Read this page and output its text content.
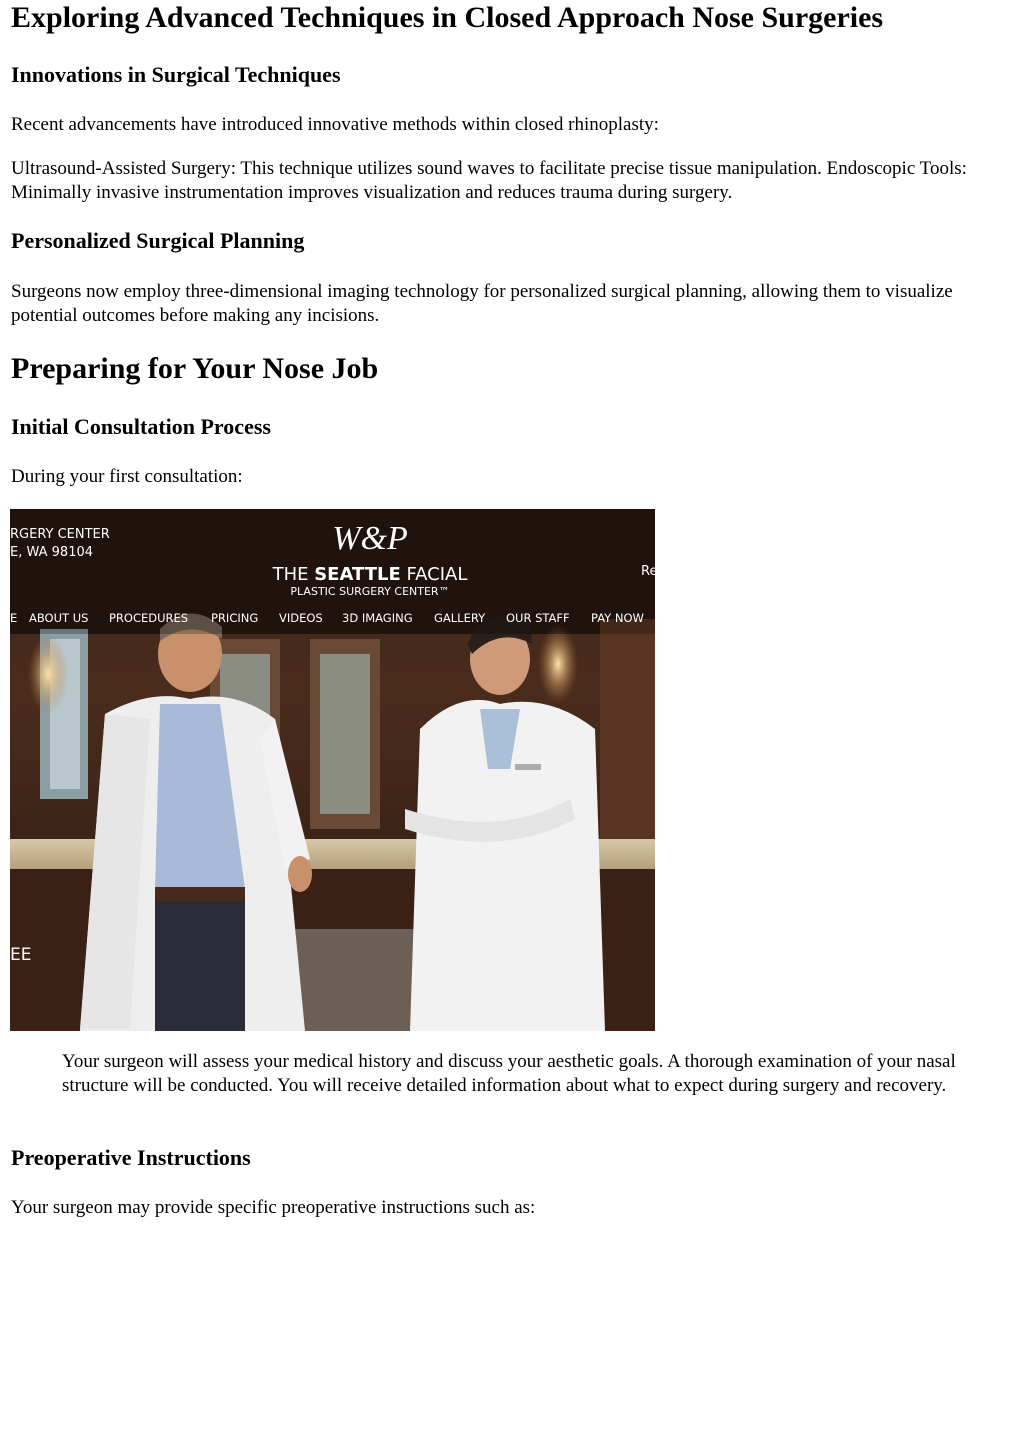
Exploring Advanced Techniques in Closed Approach Nose Surgeries
Innovations in Surgical Techniques

Recent advancements have introduced innovative methods within closed rhinoplasty:

Ultrasound-Assisted Surgery: This technique utilizes sound waves to facilitate precise tissue manipulation. Endoscopic Tools: Minimally invasive instrumentation improves visualization and reduces trauma during surgery.

Personalized Surgical Planning

Surgeons now employ three-dimensional imaging technology for personalized surgical planning, allowing them to visualize potential outcomes before making any incisions.

Preparing for Your Nose Job
Initial Consultation Process

During your first consultation:

Your surgeon will assess your medical history and discuss your aesthetic goals. A thorough examination of your nasal structure will be conducted. You will receive detailed information about what to expect during surgery and recovery.

Preoperative Instructions

Your surgeon may provide specific preoperative instructions such as:

RGERY CENTER
E, WA 98104	W&P
THE SEATTLE FACIAL
PLASTIC SURGERY CENTER™
Re
E ABOUT US PROCEDURES PRICING VIDEOS 3D IMAGING GALLERY OUR STAFF PAY NOW
EE
